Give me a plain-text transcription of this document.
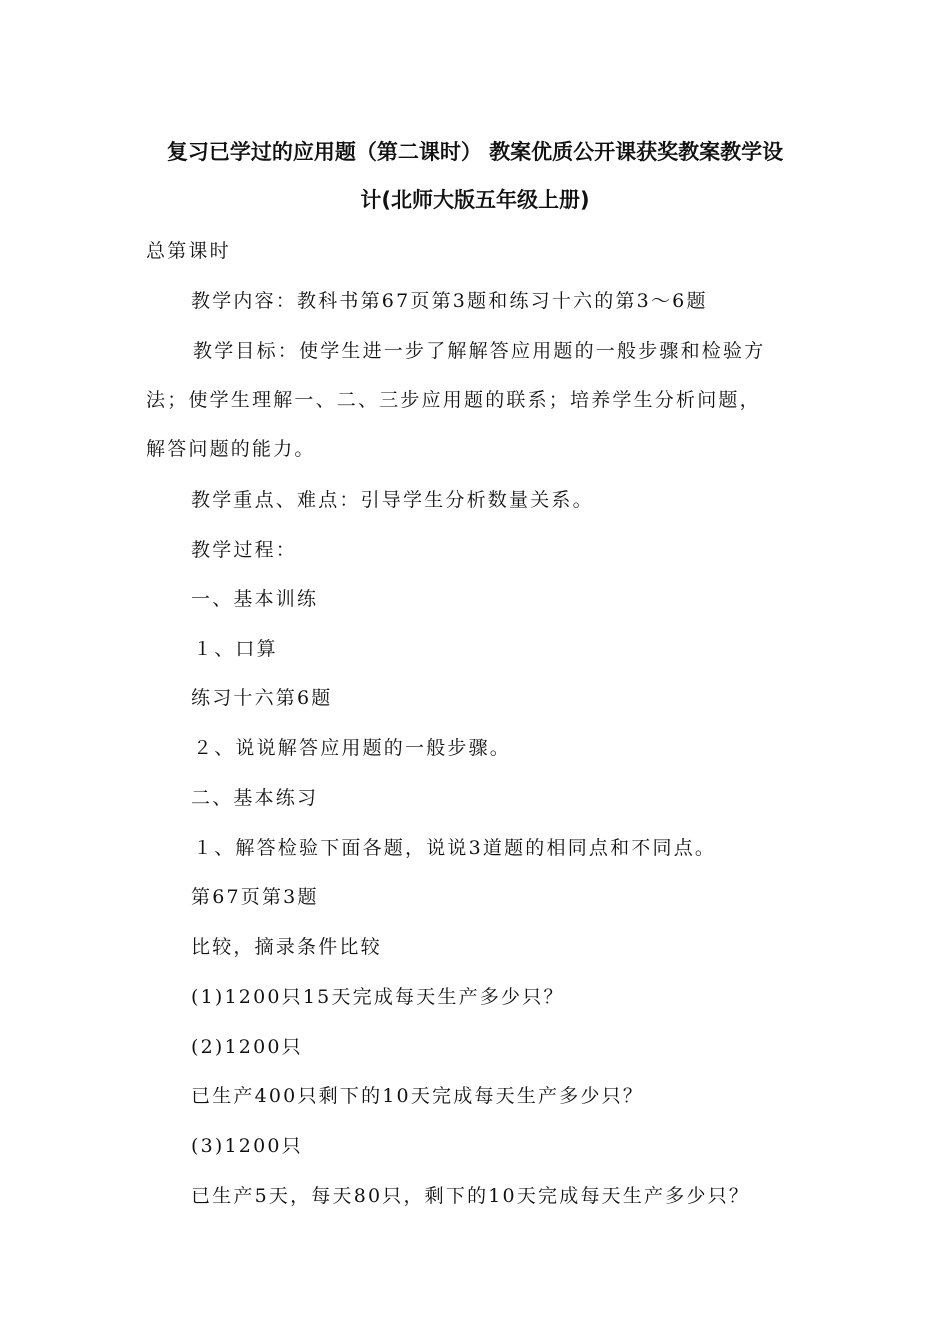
复习已学过的应用题（第二课时） 教案优质公开课获奖教案教学设
计(北师大版五年级上册)
总第课时
教学内容：教科书第67页第3题和练习十六的第3～6题
教学目标：使学生进一步了解解答应用题的一般步骤和检验方
法；使学生理解一、二、三步应用题的联系；培养学生分析问题，
解答问题的能力。
教学重点、难点：引导学生分析数量关系。
教学过程：
一、基本训练
１、口算
练习十六第6题
２、说说解答应用题的一般步骤。
二、基本练习
１、解答检验下面各题，说说3道题的相同点和不同点。
第67页第3题
比较，摘录条件比较
(1)1200只15天完成每天生产多少只？
(2)1200只
已生产400只剩下的10天完成每天生产多少只？
(3)1200只
已生产5天，每天80只，剩下的10天完成每天生产多少只？
